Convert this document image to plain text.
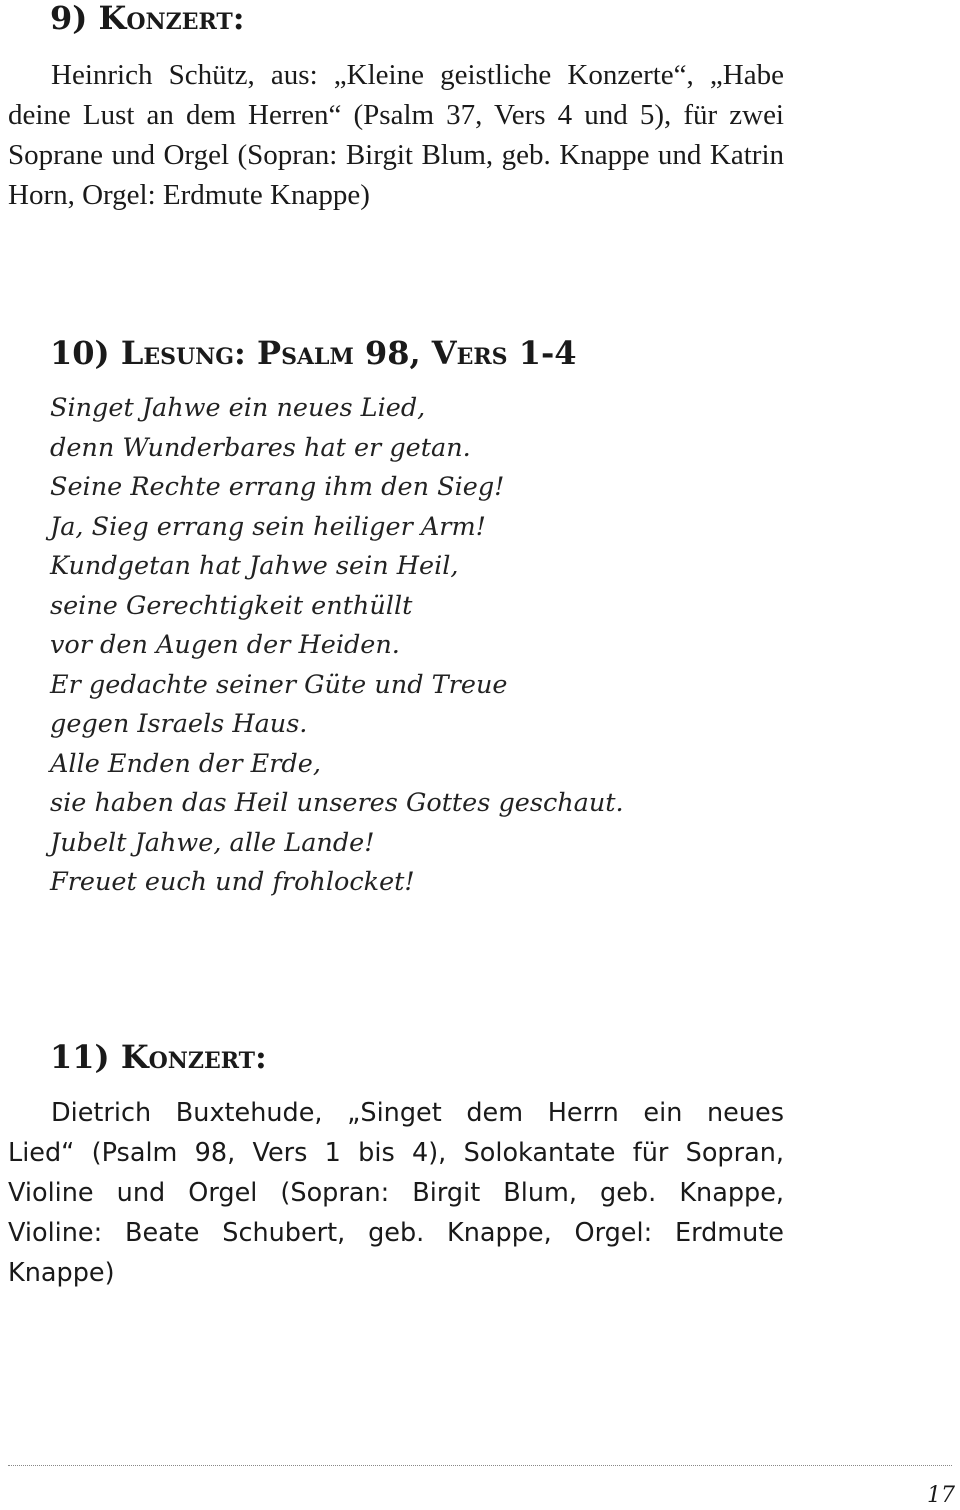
9) Konzert:

Heinrich Schütz, aus: „Kleine geistliche Konzerte“, „Habe deine Lust an dem Herren“ (Psalm 37, Vers 4 und 5), für zwei Soprane und Orgel (Sopran: Birgit Blum, geb. Knappe und Katrin Horn, Orgel: Erdmute Knappe)

10) Lesung: Psalm 98, Vers 1-4
Singet Jahwe ein neues Lied,
denn Wunderbares hat er getan.
Seine Rechte errang ihm den Sieg!
Ja, Sieg errang sein heiliger Arm!
Kundgetan hat Jahwe sein Heil,
seine Gerechtigkeit enthüllt
vor den Augen der Heiden.
Er gedachte seiner Güte und Treue
gegen Israels Haus.
Alle Enden der Erde,
sie haben das Heil unseres Gottes geschaut.
Jubelt Jahwe, alle Lande!
Freuet euch und frohlocket!
11) Konzert:

Dietrich Buxtehude, „Singet dem Herrn ein neues Lied“ (Psalm 98, Vers 1 bis 4), Solokantate für Sopran, Violine und Orgel (Sopran: Birgit Blum, geb. Knappe, Violine: Beate Schubert, geb. Knappe, Orgel: Erdmute Knappe)

17
